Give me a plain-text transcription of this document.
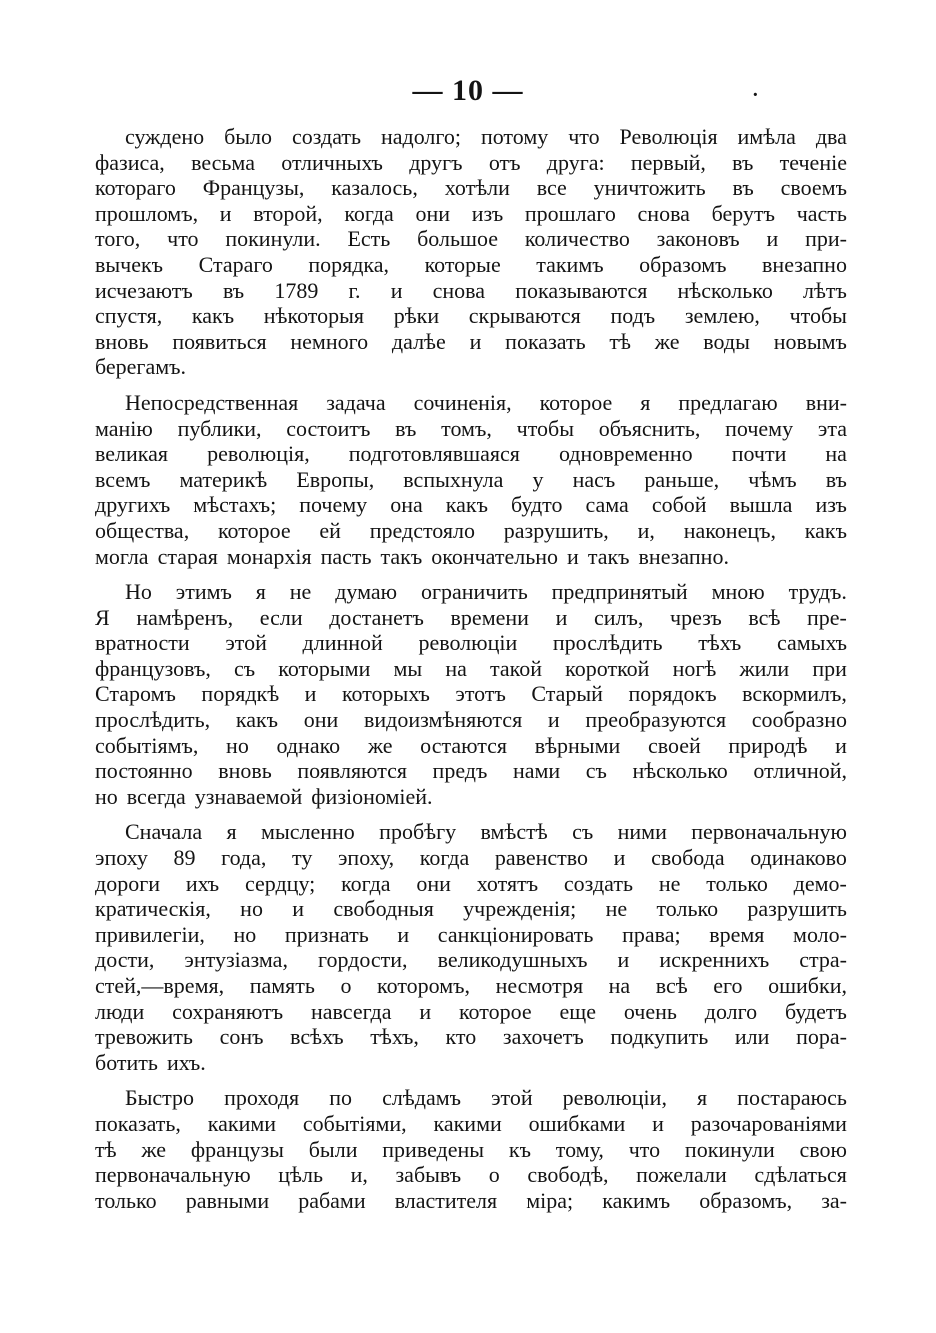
— 10 —	·
суждено было создать надолго; потому что Революція имѣла два
фазиса, весьма отличныхъ другъ отъ друга: первый, въ теченіе
котораго Французы, казалось, хотѣли все уничтожить въ своемъ
прошломъ, и второй, когда они изъ прошлаго снова берутъ часть
того, что покинули. Есть большое количество законовъ и при-
вычекъ Стараго порядка, которые такимъ образомъ внезапно
исчезаютъ въ 1789 г. и снова показываются нѣсколько лѣтъ
спустя, какъ нѣкоторыя рѣки скрываются подъ землею, чтобы
вновь появиться немного далѣе и показать тѣ же воды новымъ
берегамъ.
Непосредственная задача сочиненія, которое я предлагаю вни-
манію публики, состоитъ въ томъ, чтобы объяснить, почему эта
великая революція, подготовлявшаяся одновременно почти на
всемъ материкѣ Европы, вспыхнула у насъ раньше, чѣмъ въ
другихъ мѣстахъ; почему она какъ будто сама собой вышла изъ
общества, которое ей предстояло разрушить, и, наконецъ, какъ
могла старая монархія пасть такъ окончательно и такъ внезапно.
Но этимъ я не думаю ограничить предпринятый мною трудъ.
Я намѣренъ, если достанетъ времени и силъ, чрезъ всѣ пре-
вратности этой длинной революціи прослѣдить тѣхъ самыхъ
французовъ, съ которыми мы на такой короткой ногѣ жили при
Старомъ порядкѣ и которыхъ этотъ Старый порядокъ вскормилъ,
прослѣдить, какъ они видоизмѣняются и преобразуются сообразно
событіямъ, но однако же остаются вѣрными своей природѣ и
постоянно вновь появляются предъ нами съ нѣсколько отличной,
но всегда узнаваемой физіономіей.
Сначала я мысленно пробѣгу вмѣстѣ съ ними первоначальную
эпоху 89 года, ту эпоху, когда равенство и свобода одинаково
дороги ихъ сердцу; когда они хотятъ создать не только демо-
кратическія, но и свободныя учрежденія; не только разрушить
привилегіи, но признать и санкціонировать права; время моло-
дости, энтузіазма, гордости, великодушныхъ и искреннихъ стра-
стей,—время, память о которомъ, несмотря на всѣ его ошибки,
люди сохраняютъ навсегда и которое еще очень долго будетъ
тревожить сонъ всѣхъ тѣхъ, кто захочетъ подкупить или пора-
ботить ихъ.
Быстро проходя по слѣдамъ этой революціи, я постараюсь
показать, какими событіями, какими ошибками и разочарованіями
тѣ же французы были приведены къ тому, что покинули свою
первоначальную цѣль и, забывъ о свободѣ, пожелали сдѣлаться
только равными рабами властителя міра; какимъ образомъ, за-
